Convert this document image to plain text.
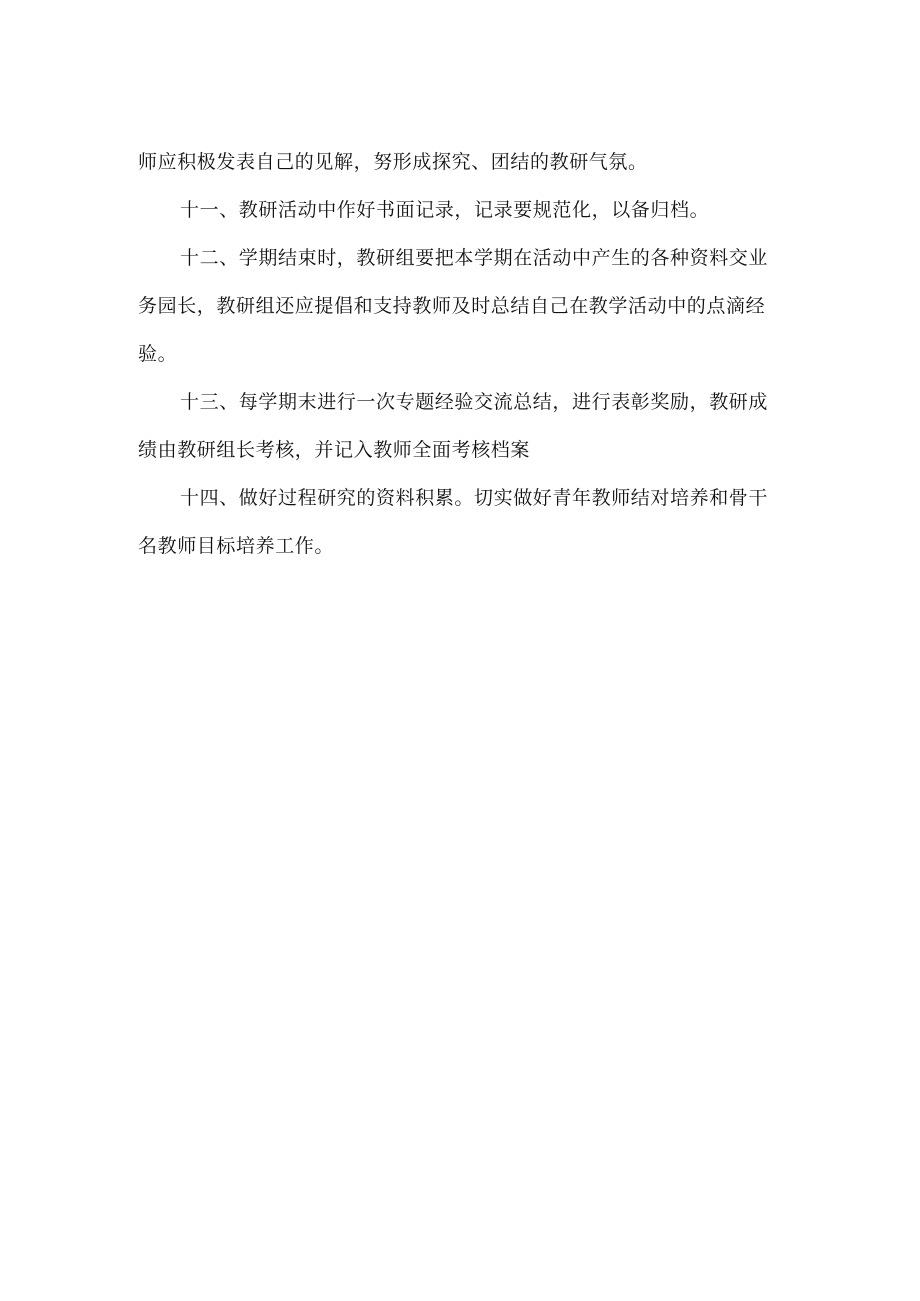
师应积极发表自己的见解，努形成探究、团结的教研气氛。

十一、教研活动中作好书面记录，记录要规范化，以备归档。

十二、学期结束时，教研组要把本学期在活动中产生的各种资料交业
务园长，教研组还应提倡和支持教师及时总结自己在教学活动中的点滴经
验。

十三、每学期末进行一次专题经验交流总结，进行表彰奖励，教研成
绩由教研组长考核，并记入教师全面考核档案

十四、做好过程研究的资料积累。切实做好青年教师结对培养和骨干
名教师目标培养工作。
